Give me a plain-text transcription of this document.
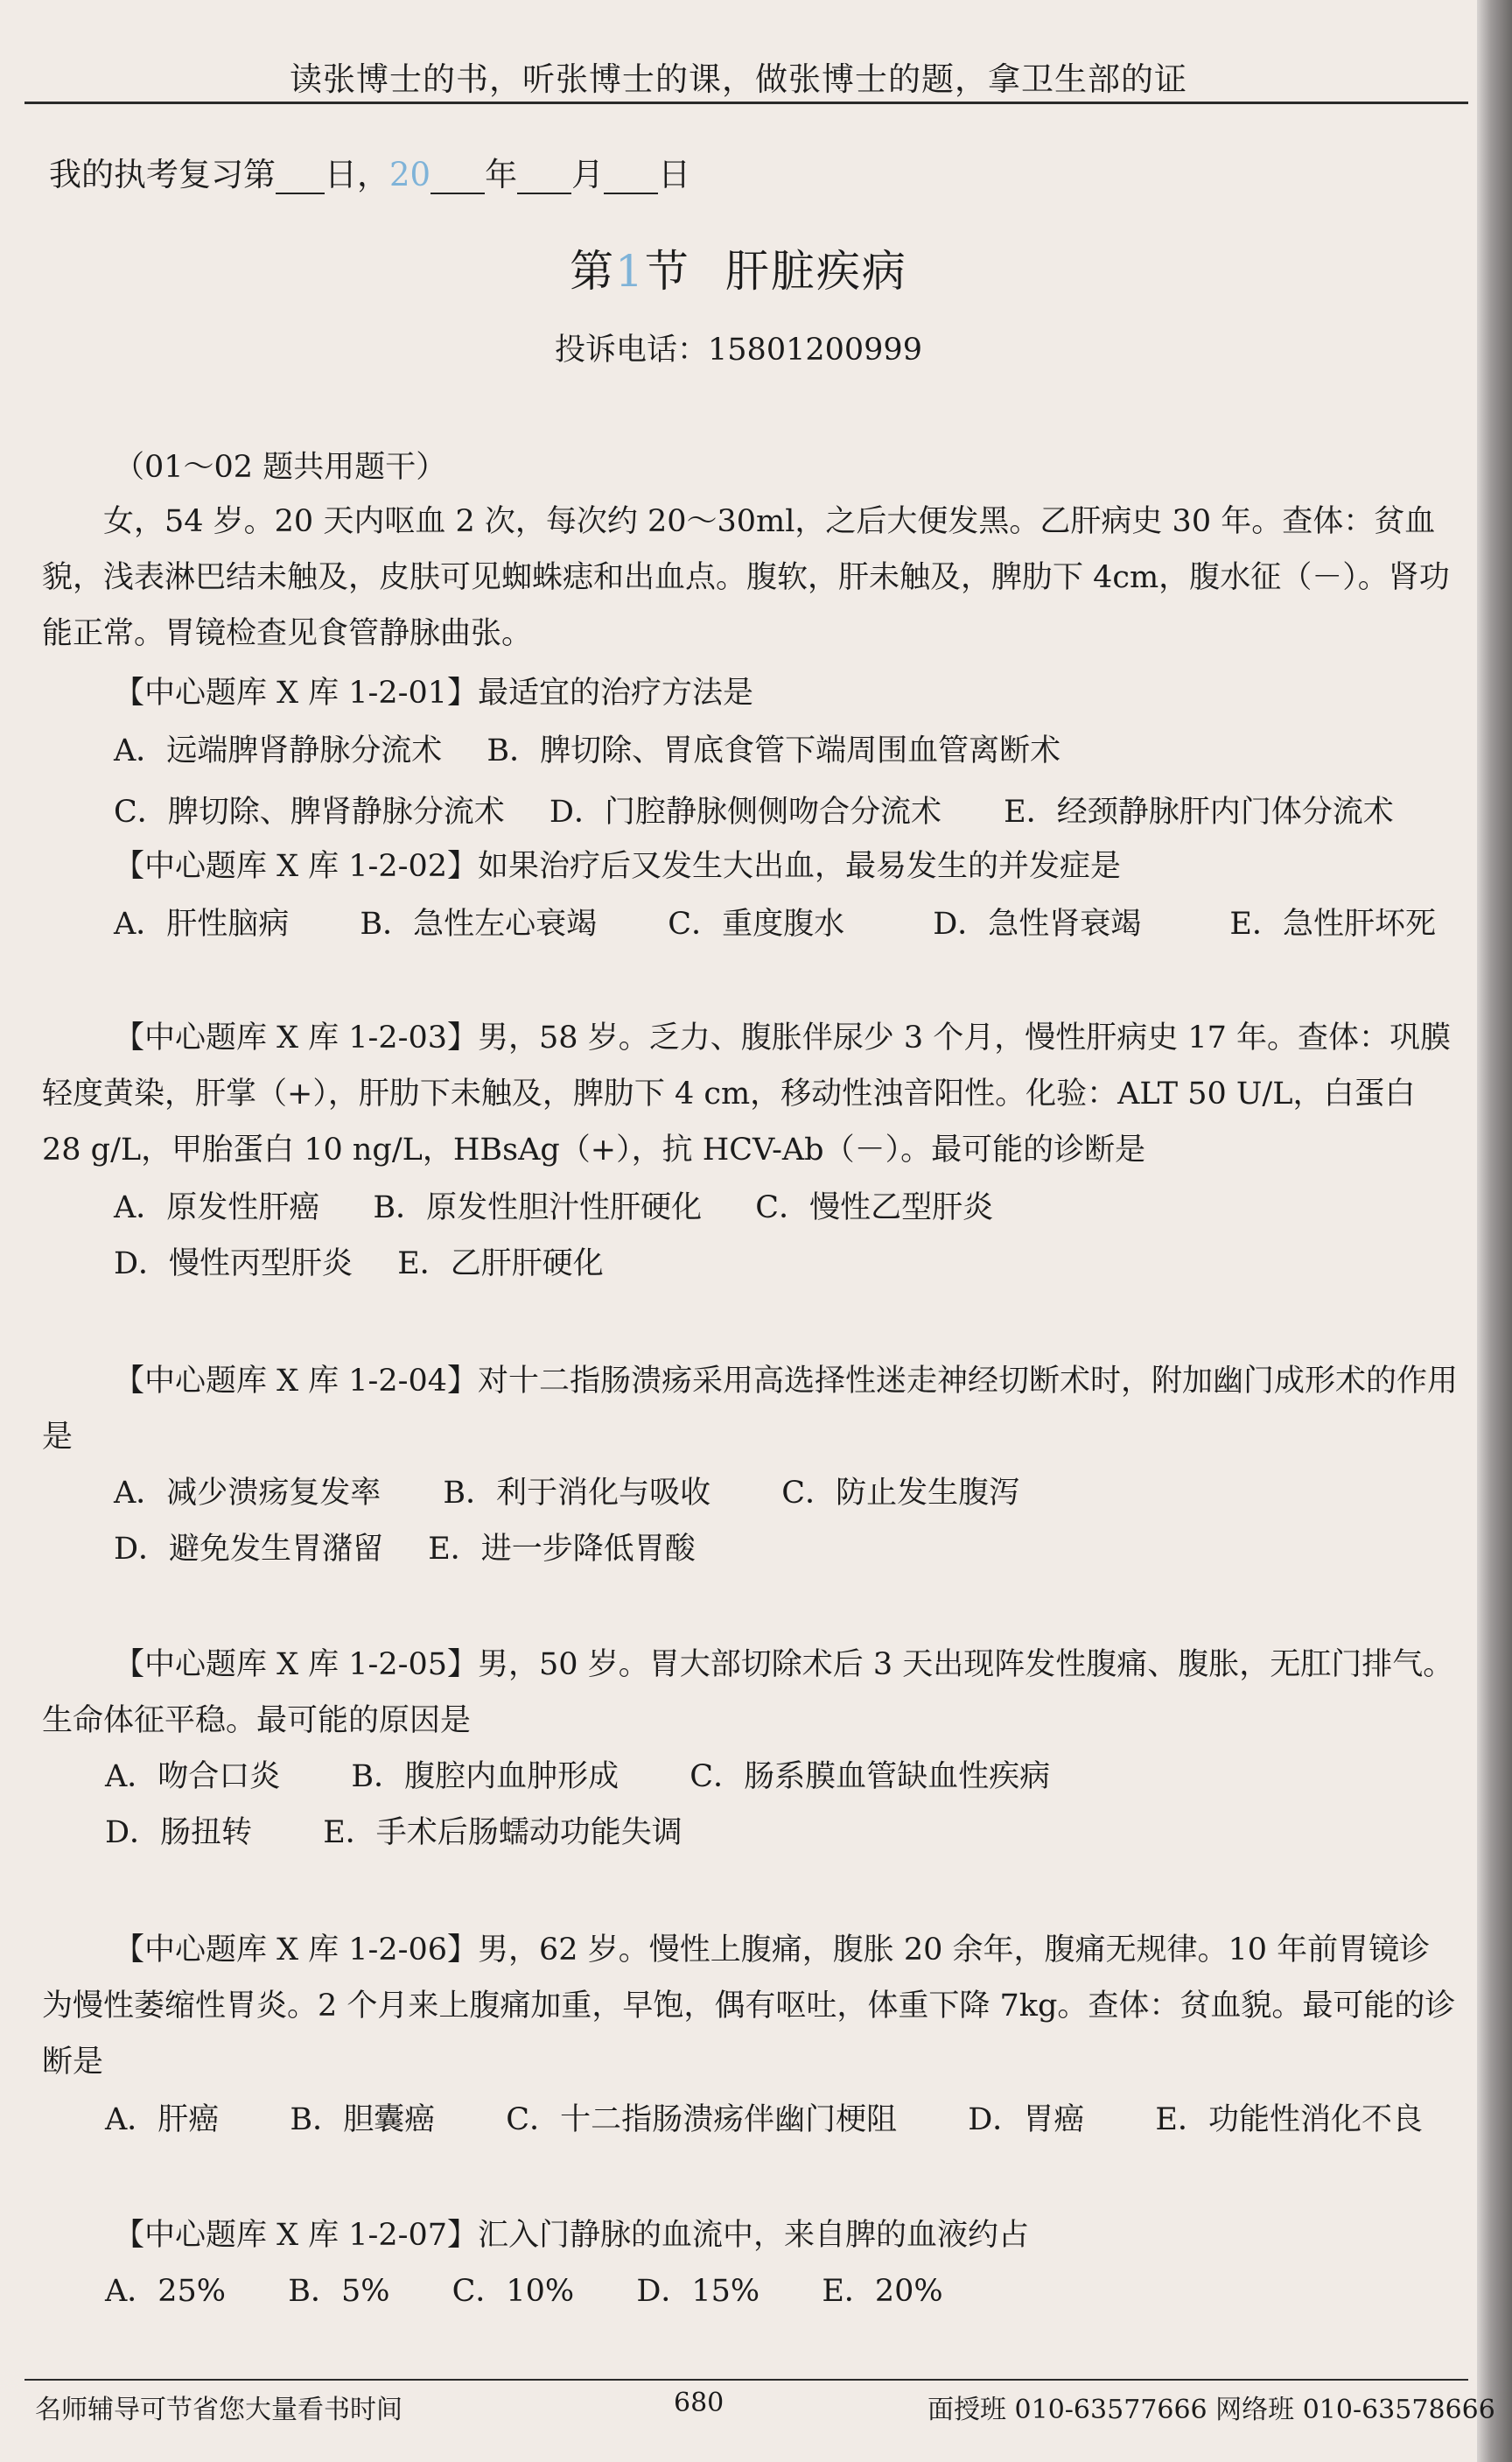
读张博士的书，听张博士的课，做张博士的题，拿卫生部的证
我的执考复习第 日，20 年 月 日
第1节 肝脏疾病
投诉电话：15801200999
（01～02 题共用题干）

女，54 岁。20 天内呕血 2 次，每次约 20～30ml，之后大便发黑。乙肝病史 30 年。查体：贫血貌，浅表淋巴结未触及，皮肤可见蜘蛛痣和出血点。腹软，肝未触及，脾肋下 4cm，腹水征（－）。肾功能正常。胃镜检查见食管静脉曲张。

【中心题库 X 库 1-2-01】最适宜的治疗方法是
A．远端脾肾静脉分流术 B．脾切除、胃底食管下端周围血管离断术
C．脾切除、脾肾静脉分流术 D．门腔静脉侧侧吻合分流术 E．经颈静脉肝内门体分流术
【中心题库 X 库 1-2-02】如果治疗后又发生大出血，最易发生的并发症是
A．肝性脑病 B．急性左心衰竭 C．重度腹水	D．急性肾衰竭	E．急性肝坏死

【中心题库 X 库 1-2-03】男，58 岁。乏力、腹胀伴尿少 3 个月，慢性肝病史 17 年。查体：巩膜轻度黄染，肝掌（+），肝肋下未触及，脾肋下 4 cm，移动性浊音阳性。化验：ALT 50 U/L，白蛋白 28 g/L，甲胎蛋白 10 ng/L，HBsAg（+），抗 HCV-Ab（－）。最可能的诊断是

A．原发性肝癌 B．原发性胆汁性肝硬化 C．慢性乙型肝炎
D．慢性丙型肝炎 E．乙肝肝硬化

【中心题库 X 库 1-2-04】对十二指肠溃疡采用高选择性迷走神经切断术时，附加幽门成形术的作用是

A．减少溃疡复发率 B．利于消化与吸收 C．防止发生腹泻
D．避免发生胃潴留 E．进一步降低胃酸

【中心题库 X 库 1-2-05】男，50 岁。胃大部切除术后 3 天出现阵发性腹痛、腹胀，无肛门排气。生命体征平稳。最可能的原因是

A．吻合口炎 B．腹腔内血肿形成 C．肠系膜血管缺血性疾病
D．肠扭转 E．手术后肠蠕动功能失调

【中心题库 X 库 1-2-06】男，62 岁。慢性上腹痛，腹胀 20 余年，腹痛无规律。10 年前胃镜诊为慢性萎缩性胃炎。2 个月来上腹痛加重，早饱，偶有呕吐，体重下降 7kg。查体：贫血貌。最可能的诊断是

A．肝癌 B．胆囊癌 C．十二指肠溃疡伴幽门梗阻 D．胃癌 E．功能性消化不良
【中心题库 X 库 1-2-07】汇入门静脉的血流中，来自脾的血液约占
A．25% B．5% C．10% D．15% E．20%
名师辅导可节省您大量看书时间	680	面授班 010-63577666 网络班 010-63578666
